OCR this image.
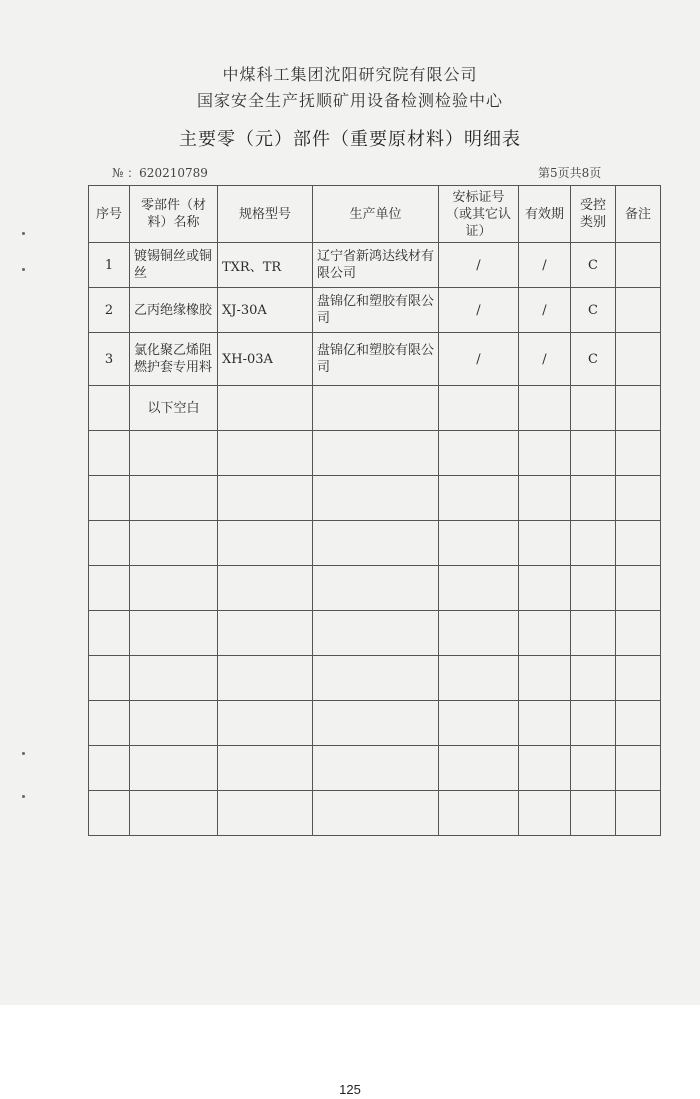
中煤科工集团沈阳研究院有限公司
国家安全生产抚顺矿用设备检测检验中心
主要零（元）部件（重要原材料）明细表
№ ：620210789	第5页共8页
序号	零部件（材料）名称	规格型号	生产单位	安标证号（或其它认证）	有效期	受控类别	备注
1	镀锡铜丝或铜丝	TXR、TR	辽宁省新鸿达线材有限公司	/	/	C	
2	乙丙绝缘橡胶	XJ-30A	盘锦亿和塑胶有限公司	/	/	C	
3	氯化聚乙烯阻燃护套专用料	XH-03A	盘锦亿和塑胶有限公司	/	/	C	
	以下空白						

125
